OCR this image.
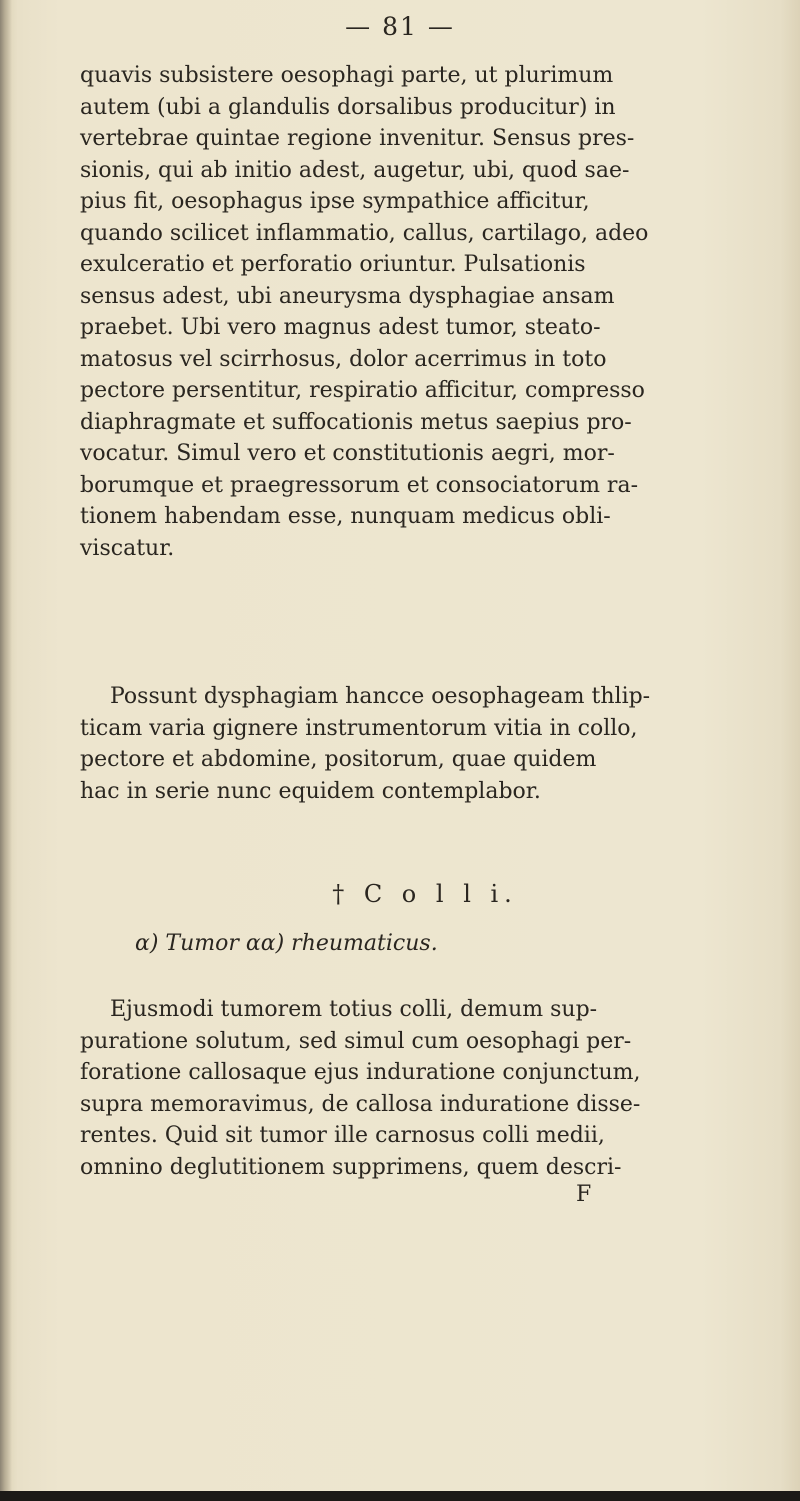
— 81 —

quavis subsistere oesophagi parte, ut plurimum
autem (ubi a glandulis dorsalibus producitur) in
vertebrae quintae regione invenitur. Sensus pres-
sionis, qui ab initio adest, augetur, ubi, quod sae-
pius fit, oesophagus ipse sympathice afficitur,
quando scilicet inflammatio, callus, cartilago, adeo
exulceratio et perforatio oriuntur. Pulsationis
sensus adest, ubi aneurysma dysphagiae ansam
praebet. Ubi vero magnus adest tumor, steato-
matosus vel scirrhosus, dolor acerrimus in toto
pectore persentitur, respiratio afficitur, compresso
diaphragmate et suffocationis metus saepius pro-
vocatur. Simul vero et constitutionis aegri, mor-
borumque et praegressorum et consociatorum ra-
tionem habendam esse, nunquam medicus obli-
viscatur.

Possunt dysphagiam hancce oesophageam thlip-
ticam varia gignere instrumentorum vitia in collo,
pectore et abdomine, positorum, quae quidem
hac in serie nunc equidem contemplabor.

† C o l l i.
α) Tumor αα) rheumaticus.

Ejusmodi tumorem totius colli, demum sup-
puratione solutum, sed simul cum oesophagi per-
foratione callosaque ejus induratione conjunctum,
supra memoravimus, de callosa induratione disse-
rentes. Quid sit tumor ille carnosus colli medii,
omnino deglutitionem supprimens, quem descri-

F
